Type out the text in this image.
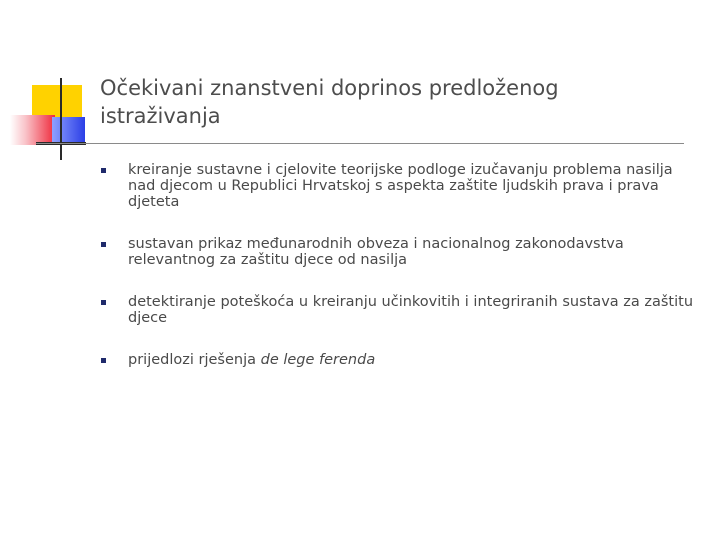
Očekivani znanstveni doprinos predloženog istraživanja
kreiranje sustavne i cjelovite teorijske podloge izučavanju problema nasilja nad djecom u Republici Hrvatskoj s aspekta zaštite ljudskih prava i prava djeteta
sustavan prikaz međunarodnih obveza i nacionalnog zakonodavstva relevantnog za zaštitu djece od nasilja
detektiranje poteškoća u kreiranju učinkovitih i integriranih sustava za zaštitu djece
prijedlozi rješenja de lege ferenda
